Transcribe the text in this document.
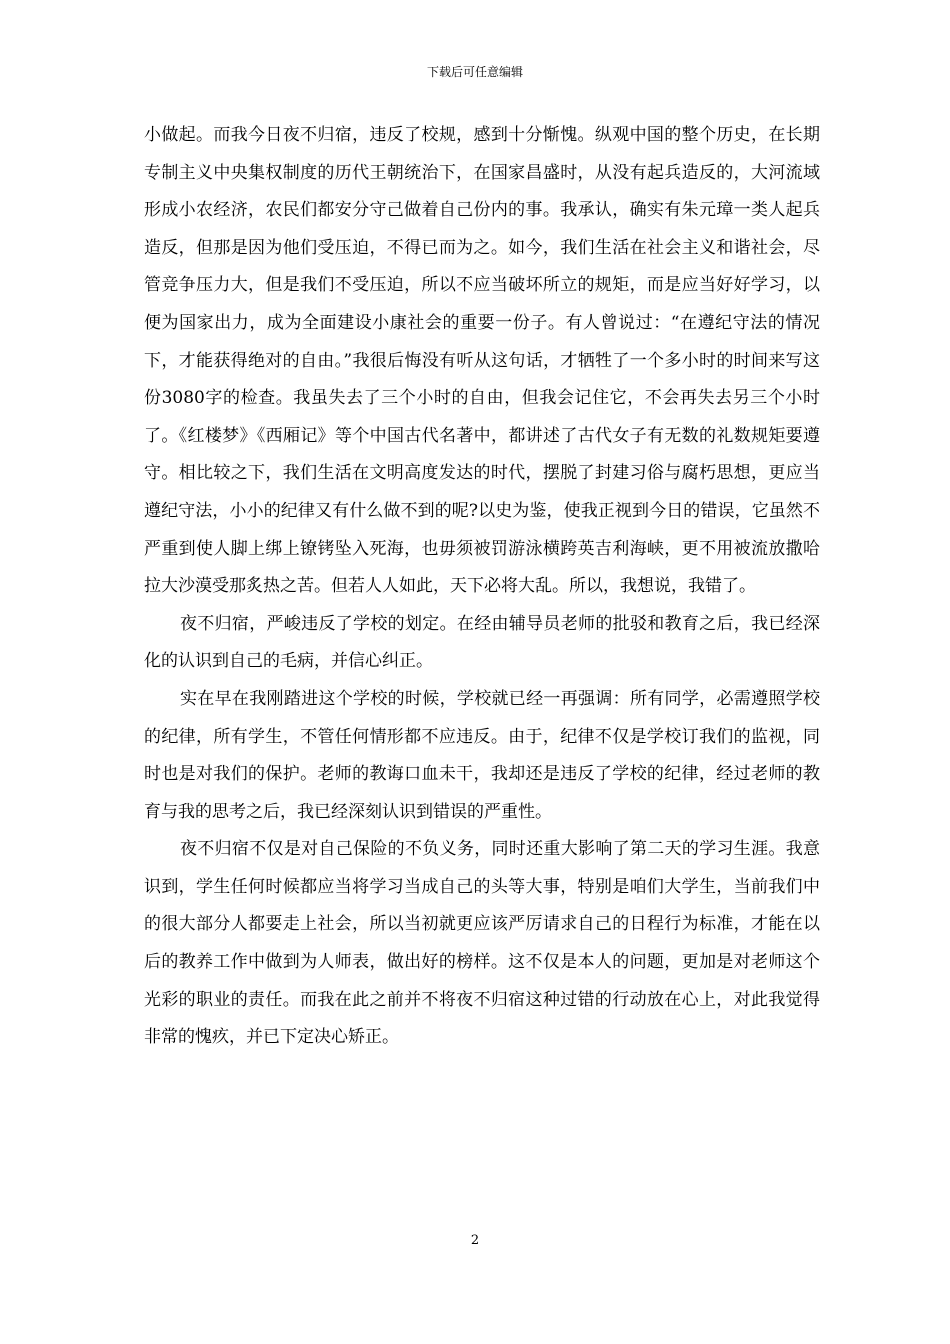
下载后可任意编辑

小做起。而我今日夜不归宿，违反了校规，感到十分惭愧。纵观中国的整个历史，在长期专制主义中央集权制度的历代王朝统治下，在国家昌盛时，从没有起兵造反的，大河流域形成小农经济，农民们都安分守己做着自己份内的事。我承认，确实有朱元璋一类人起兵造反，但那是因为他们受压迫，不得已而为之。如今，我们生活在社会主义和谐社会，尽管竞争压力大，但是我们不受压迫，所以不应当破坏所立的规矩，而是应当好好学习，以便为国家出力，成为全面建设小康社会的重要一份子。有人曾说过：“在遵纪守法的情况下，才能获得绝对的自由。”我很后悔没有听从这句话，才牺牲了一个多小时的时间来写这份3080字的检查。我虽失去了三个小时的自由，但我会记住它，不会再失去另三个小时了。《红楼梦》《西厢记》等个中国古代名著中，都讲述了古代女子有无数的礼数规矩要遵守。相比较之下，我们生活在文明高度发达的时代，摆脱了封建习俗与腐朽思想，更应当遵纪守法，小小的纪律又有什么做不到的呢?以史为鉴，使我正视到今日的错误，它虽然不严重到使人脚上绑上镣铐坠入死海，也毋须被罚游泳横跨英吉利海峡，更不用被流放撒哈拉大沙漠受那炙热之苦。但若人人如此，天下必将大乱。所以，我想说，我错了。

夜不归宿，严峻违反了学校的划定。在经由辅导员老师的批驳和教育之后，我已经深化的认识到自己的毛病，并信心纠正。

实在早在我刚踏进这个学校的时候，学校就已经一再强调：所有同学，必需遵照学校的纪律，所有学生，不管任何情形都不应违反。由于，纪律不仅是学校订我们的监视，同时也是对我们的保护。老师的教诲口血未干，我却还是违反了学校的纪律，经过老师的教育与我的思考之后，我已经深刻认识到错误的严重性。

夜不归宿不仅是对自己保险的不负义务，同时还重大影响了第二天的学习生涯。我意识到，学生任何时候都应当将学习当成自己的头等大事，特别是咱们大学生，当前我们中的很大部分人都要走上社会，所以当初就更应该严厉请求自己的日程行为标准，才能在以后的教养工作中做到为人师表，做出好的榜样。这不仅是本人的问题，更加是对老师这个光彩的职业的责任。而我在此之前并不将夜不归宿这种过错的行动放在心上，对此我觉得非常的愧疚，并已下定决心矫正。

2
